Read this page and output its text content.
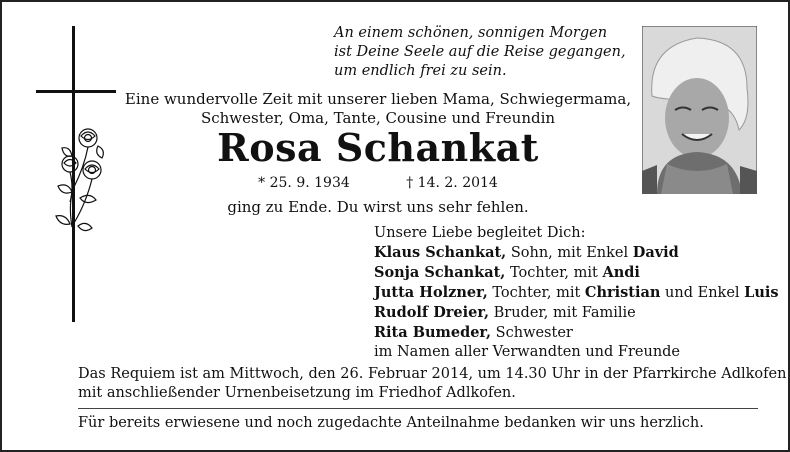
An einem schönen, sonnigen Morgen
ist Deine Seele auf die Reise gegangen,
um endlich frei zu sein.
Eine wundervolle Zeit mit unserer lieben Mama, Schwiegermama,
Schwester, Oma, Tante, Cousine und Freundin
Rosa Schankat
* 25. 9. 1934	† 14. 2. 2014
ging zu Ende. Du wirst uns sehr fehlen.
Unsere Liebe begleitet Dich:
Klaus Schankat, Sohn, mit Enkel David
Sonja Schankat, Tochter, mit Andi
Jutta Holzner, Tochter, mit Christian und Enkel Luis
Rudolf Dreier, Bruder, mit Familie
Rita Bumeder, Schwester
im Namen aller Verwandten und Freunde
Das Requiem ist am Mittwoch, den 26. Februar 2014, um 14.30 Uhr in der Pfarrkirche Adlkofen
mit anschließender Urnenbeisetzung im Friedhof Adlkofen.
Für bereits erwiesene und noch zugedachte Anteilnahme bedanken wir uns herzlich.
